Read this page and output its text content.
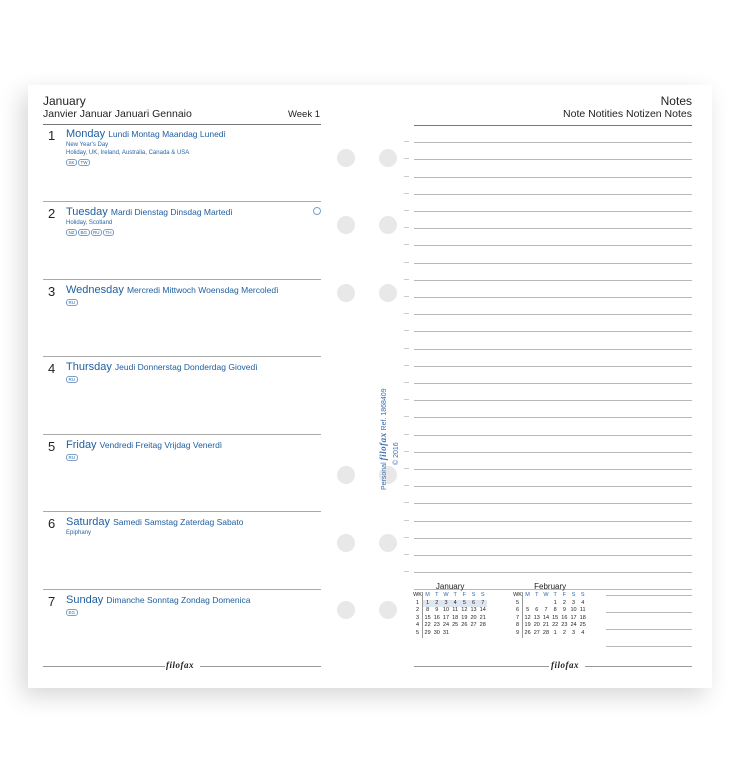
January
Janvier Januar Januari Gennaio	Week 1
1 Monday Lundi Montag Maandag Lunedì
New Year's Day
Holiday, UK, Ireland, Australia, Canada & USA
SK	TW
2 Tuesday Mardi Dienstag Dinsdag Martedì
Holiday, Scotland
NZ	BG	RU	TH
3 Wednesday Mercredi Mittwoch Woensdag Mercoledì
RU
4 Thursday Jeudi Donnerstag Donderdag Giovedì
RU
5 Friday Vendredi Freitag Vrijdag Venerdì
RU
6 Saturday Samedi Samstag Zaterdag Sabato
Epiphany
7 Sunday Dimanche Sonntag Zondag Domenica
EG
filofax
Personal filofax Ref. 1868409
© 2016
Notes
Note Notities Notizen Notes
January
WK	M	T	W	T	F	S	S
1	1	2	3	4	5	6	7
2	8	9	10	11	12	13	14
3	15	16	17	18	19	20	21
4	22	23	24	25	26	27	28
5	29	30	31				
February
WK	M	T	W	T	F	S	S
5				1	2	3	4
6	5	6	7	8	9	10	11
7	12	13	14	15	16	17	18
8	19	20	21	22	23	24	25
9	26	27	28	1	2	3	4
filofax
